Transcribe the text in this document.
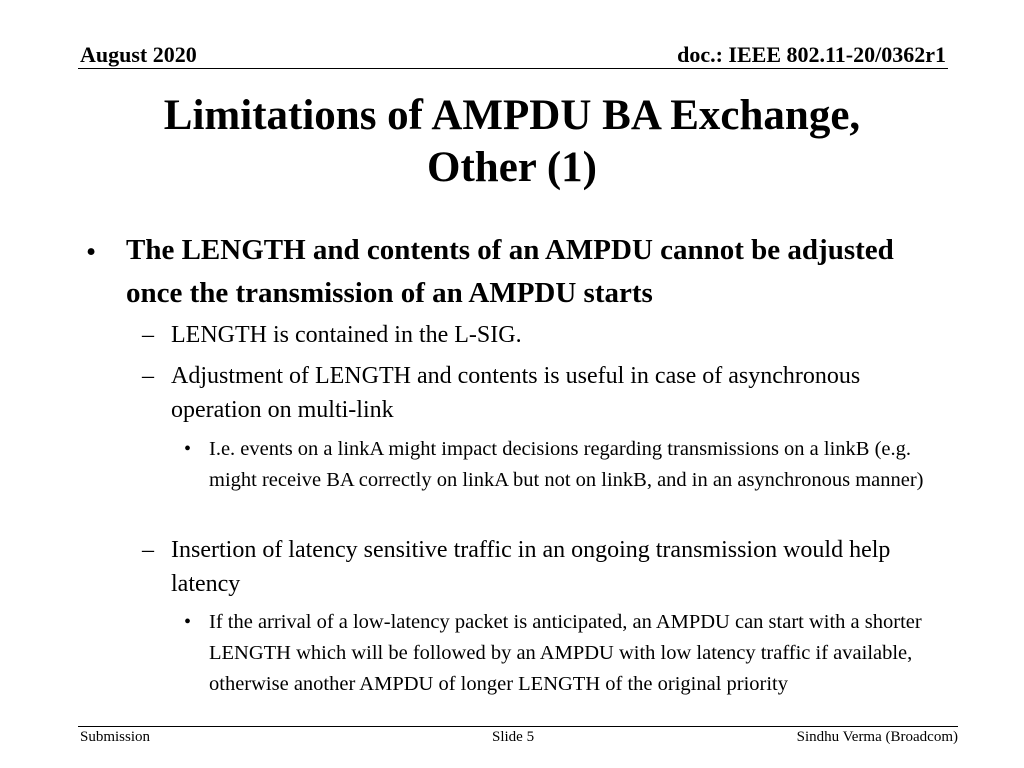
August 2020	doc.: IEEE 802.11-20/0362r1
Limitations of AMPDU BA Exchange,
Other (1)
• The LENGTH and contents of an AMPDU cannot be adjusted once the transmission of an AMPDU starts
– LENGTH is contained in the L-SIG.
– Adjustment of LENGTH and contents is useful in case of asynchronous operation on multi-link
• I.e. events on a linkA might impact decisions regarding transmissions on a linkB (e.g. might receive BA correctly on linkA but not on linkB, and in an asynchronous manner)
– Insertion of latency sensitive traffic in an ongoing transmission would help latency
• If the arrival of a low-latency packet is anticipated, an AMPDU can start with a shorter LENGTH which will be followed by an AMPDU with low latency traffic if available, otherwise another AMPDU of longer LENGTH of the original priority
Submission	Slide 5	Sindhu Verma (Broadcom)
